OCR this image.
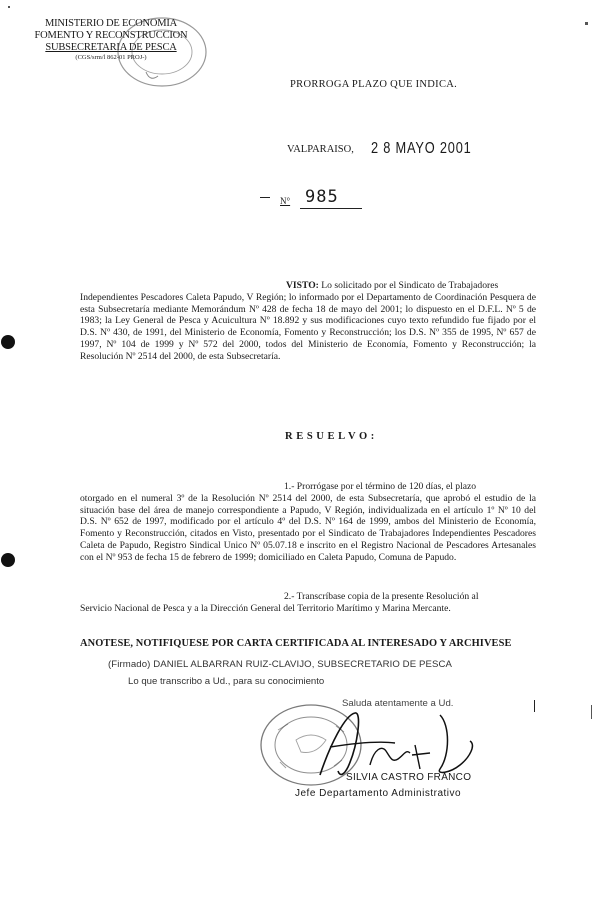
MINISTERIO DE ECONOMIA
FOMENTO Y RECONSTRUCCION
SUBSECRETARIA DE PESCA
(CGS/srm/l 862-01 PROJ-)
PRORROGA PLAZO QUE INDICA.
VALPARAISO, 2 8 MAYO 2001
N° 985
VISTO: Lo solicitado por el Sindicato de Trabajadores
Independientes Pescadores Caleta Papudo, V Región; lo informado por el Departamento de Coordinación Pesquera de esta Subsecretaría mediante Memorándum Nº 428 de fecha 18 de mayo del 2001; lo dispuesto en el D.F.L. Nº 5 de 1983; la Ley General de Pesca y Acuicultura Nº 18.892 y sus modificaciones cuyo texto refundido fue fijado por el D.S. Nº 430, de 1991, del Ministerio de Economía, Fomento y Reconstrucción; los D.S. Nº 355 de 1995, Nº 657 de 1997, Nº 104 de 1999 y Nº 572 del 2000, todos del Ministerio de Economía, Fomento y Reconstrucción; la Resolución Nº 2514 del 2000, de esta Subsecretaría.
R E S U E L V O :
1.- Prorrógase por el término de 120 días, el plazo
otorgado en el numeral 3º de la Resolución Nº 2514 del 2000, de esta Subsecretaría, que aprobó el estudio de la situación base del área de manejo correspondiente a Papudo, V Región, individualizada en el artículo 1º Nº 10 del D.S. Nº 652 de 1997, modificado por el artículo 4º del D.S. Nº 164 de 1999, ambos del Ministerio de Economía, Fomento y Reconstrucción, citados en Visto, presentado por el Sindicato de Trabajadores Independientes Pescadores Caleta de Papudo, Registro Sindical Unico Nº 05.07.18 e inscrito en el Registro Nacional de Pescadores Artesanales con el Nº 953 de fecha 15 de febrero de 1999; domiciliado en Caleta Papudo, Comuna de Papudo.
2.- Transcríbase copia de la presente Resolución al
Servicio Nacional de Pesca y a la Dirección General del Territorio Marítimo y Marina Mercante.
ANOTESE, NOTIFIQUESE POR CARTA CERTIFICADA AL INTERESADO Y ARCHIVESE
(Firmado) DANIEL ALBARRAN RUIZ-CLAVIJO, SUBSECRETARIO DE PESCA
Lo que transcribo a Ud., para su conocimiento
Saluda atentamente a Ud.
SILVIA CASTRO FRANCO
Jefe Departamento Administrativo
